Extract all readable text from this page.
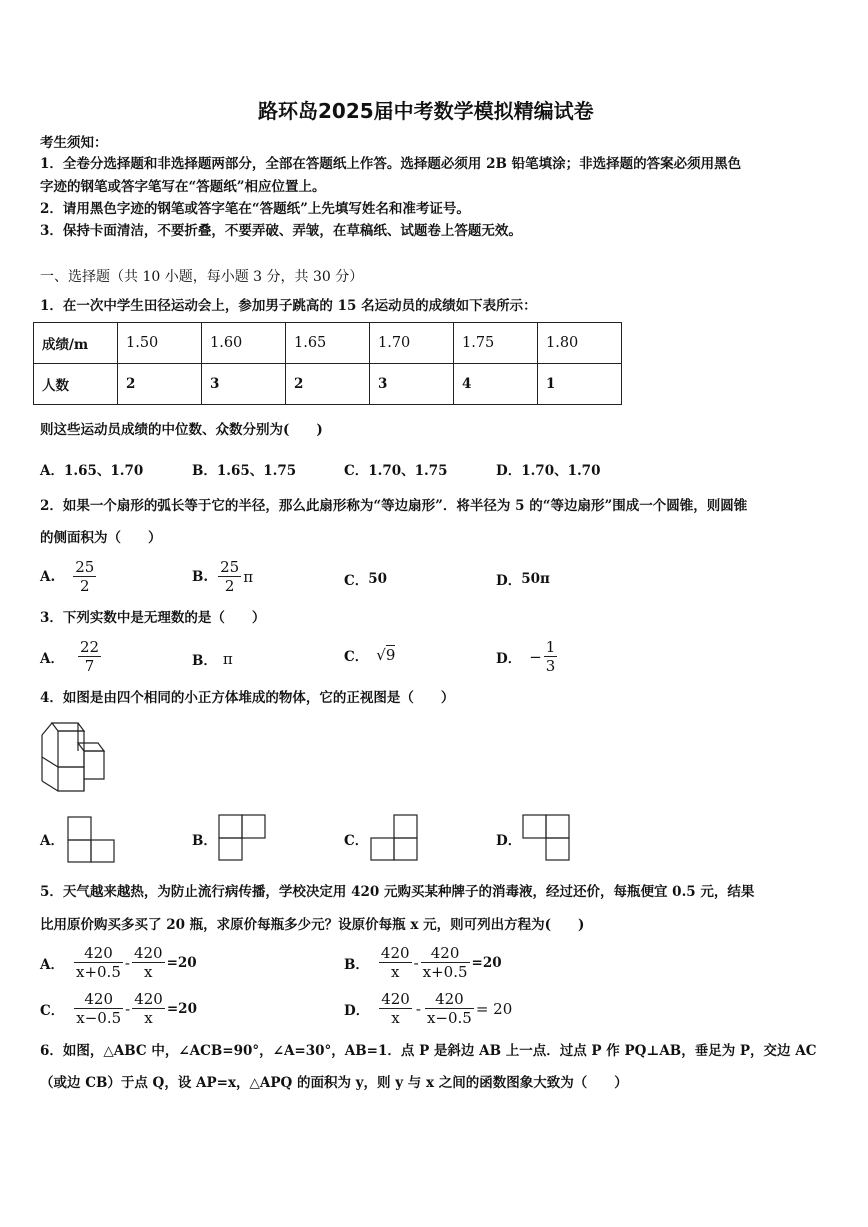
路环岛2025届中考数学模拟精编试卷
考生须知：
1．全卷分选择题和非选择题两部分，全部在答题纸上作答。选择题必须用 2B 铅笔填涂；非选择题的答案必须用黑色
字迹的钢笔或答字笔写在“答题纸”相应位置上。
2．请用黑色字迹的钢笔或答字笔在“答题纸”上先填写姓名和准考证号。
3．保持卡面清洁，不要折叠，不要弄破、弄皱，在草稿纸、试题卷上答题无效。
一、选择题（共 10 小题，每小题 3 分，共 30 分）
1．在一次中学生田径运动会上，参加男子跳高的 15 名运动员的成绩如下表所示：
成绩/m	1.50	1.60	1.65	1.70	1.75	1.80
人数	2	3	2	3	4	1
则这些运动员成绩的中位数、众数分别为(　　)
A．1.65、1.70	B．1.65、1.75	C．1.70、1.75	D．1.70、1.70
2．如果一个扇形的弧长等于它的半径，那么此扇形称为“等边扇形”．将半径为 5 的“等边扇形”围成一个圆锥，则圆锥
的侧面积为（　　）
A. $\frac{25}{2}$	B. $\frac{25}{2}$ π	C． 50	D． 50π
3．下列实数中是无理数的是（　　）
A． $\frac{22}{7}$	B． π	C． √9	D． − $\frac{1}{3}$
4．如图是由四个相同的小正方体堆成的物体，它的正视图是（　　）
A．	B．	C．	D．
5．天气越来越热，为防止流行病传播，学校决定用 420 元购买某种牌子的消毒液，经过还价，每瓶便宜 0.5 元，结果
比用原价购买多买了 20 瓶，求原价每瓶多少元？设原价每瓶 x 元，则可列出方程为(　　)
A． $\frac{420}{x+0.5} - \frac{420}{x} =20$	B． $\frac{420}{x} - \frac{420}{x+0.5} =20$
C． $\frac{420}{x-0.5} - \frac{420}{x} =20$	D． $\frac{420}{x} - \frac{420}{x-0.5} = 20$
6．如图，△ABC 中，∠ACB=90°，∠A=30°，AB=1．点 P 是斜边 AB 上一点．过点 P 作 PQ⊥AB，垂足为 P，交边 AC
（或边 CB）于点 Q，设 AP=x，△APQ 的面积为 y，则 y 与 x 之间的函数图象大致为（　　）
